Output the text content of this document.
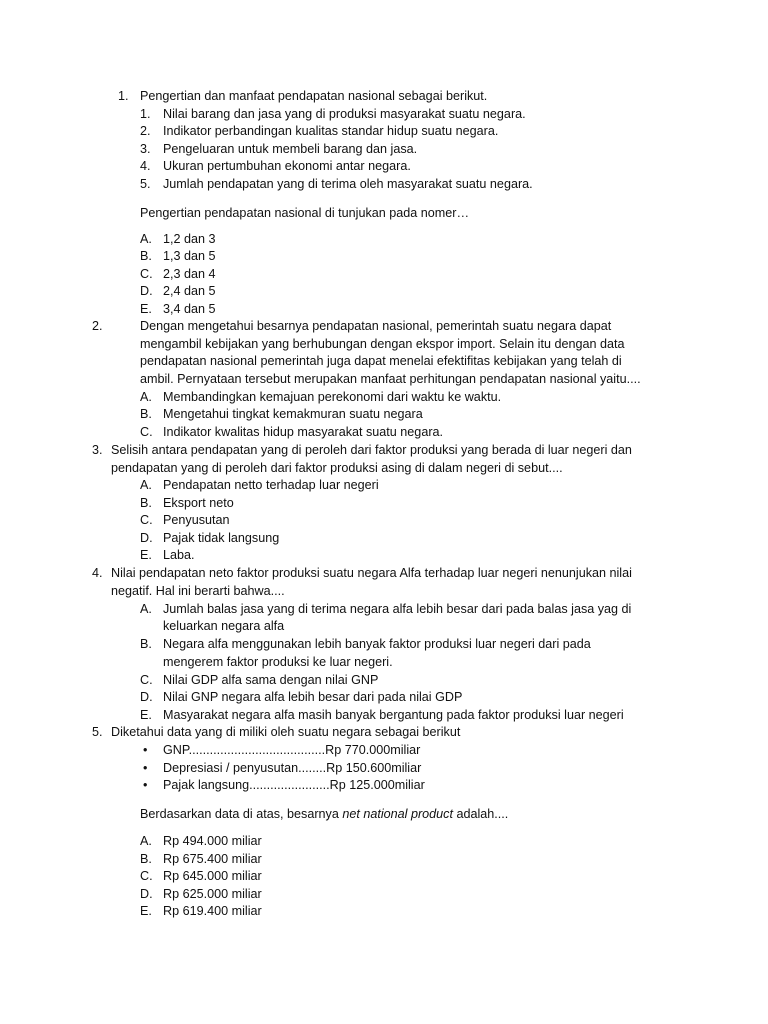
1. Pengertian dan manfaat pendapatan nasional sebagai berikut.
1. Nilai barang dan jasa yang di produksi masyarakat suatu negara.
2. Indikator perbandingan kualitas standar hidup suatu negara.
3. Pengeluaran untuk membeli barang dan jasa.
4. Ukuran pertumbuhan ekonomi antar negara.
5. Jumlah pendapatan yang di terima oleh masyarakat suatu negara.
Pengertian pendapatan nasional di tunjukan pada nomer…
A. 1,2 dan 3
B. 1,3 dan 5
C. 2,3 dan 4
D. 2,4 dan 5
E. 3,4 dan 5
2.	Dengan mengetahui besarnya pendapatan nasional, pemerintah suatu negara dapat
mengambil kebijakan yang berhubungan dengan ekspor import. Selain itu dengan data
pendapatan nasional pemerintah juga dapat menelai efektifitas kebijakan yang telah di
ambil. Pernyataan tersebut merupakan manfaat perhitungan pendapatan nasional yaitu....
A. Membandingkan kemajuan perekonomi dari waktu ke waktu.
B. Mengetahui tingkat kemakmuran suatu negara
C. Indikator kwalitas hidup masyarakat suatu negara.
3. Selisih antara pendapatan yang di peroleh dari faktor produksi yang berada di luar negeri dan
pendapatan yang di peroleh dari faktor produksi asing di dalam negeri di sebut....
A. Pendapatan netto terhadap luar negeri
B. Eksport neto
C. Penyusutan
D. Pajak tidak langsung
E. Laba.
4. Nilai pendapatan neto faktor produksi suatu negara Alfa terhadap luar negeri nenunjukan nilai
negatif. Hal ini berarti bahwa....
A. Jumlah balas jasa yang di terima negara alfa lebih besar dari pada balas jasa yag di
keluarkan negara alfa
B. Negara alfa menggunakan lebih banyak faktor produksi luar negeri dari pada
mengerem faktor produksi ke luar negeri.
C. Nilai GDP alfa sama dengan nilai GNP
D. Nilai GNP negara alfa lebih besar dari pada nilai GDP
E. Masyarakat negara alfa masih banyak bergantung pada faktor produksi luar negeri
5. Diketahui data yang di miliki oleh suatu negara sebagai berikut
• GNP.......................................Rp 770.000miliar
• Depresiasi / penyusutan........Rp 150.600miliar
• Pajak langsung.......................Rp 125.000miliar
Berdasarkan data di atas, besarnya net national product adalah....
A. Rp 494.000 miliar
B. Rp 675.400 miliar
C. Rp 645.000 miliar
D. Rp 625.000 miliar
E. Rp 619.400 miliar
